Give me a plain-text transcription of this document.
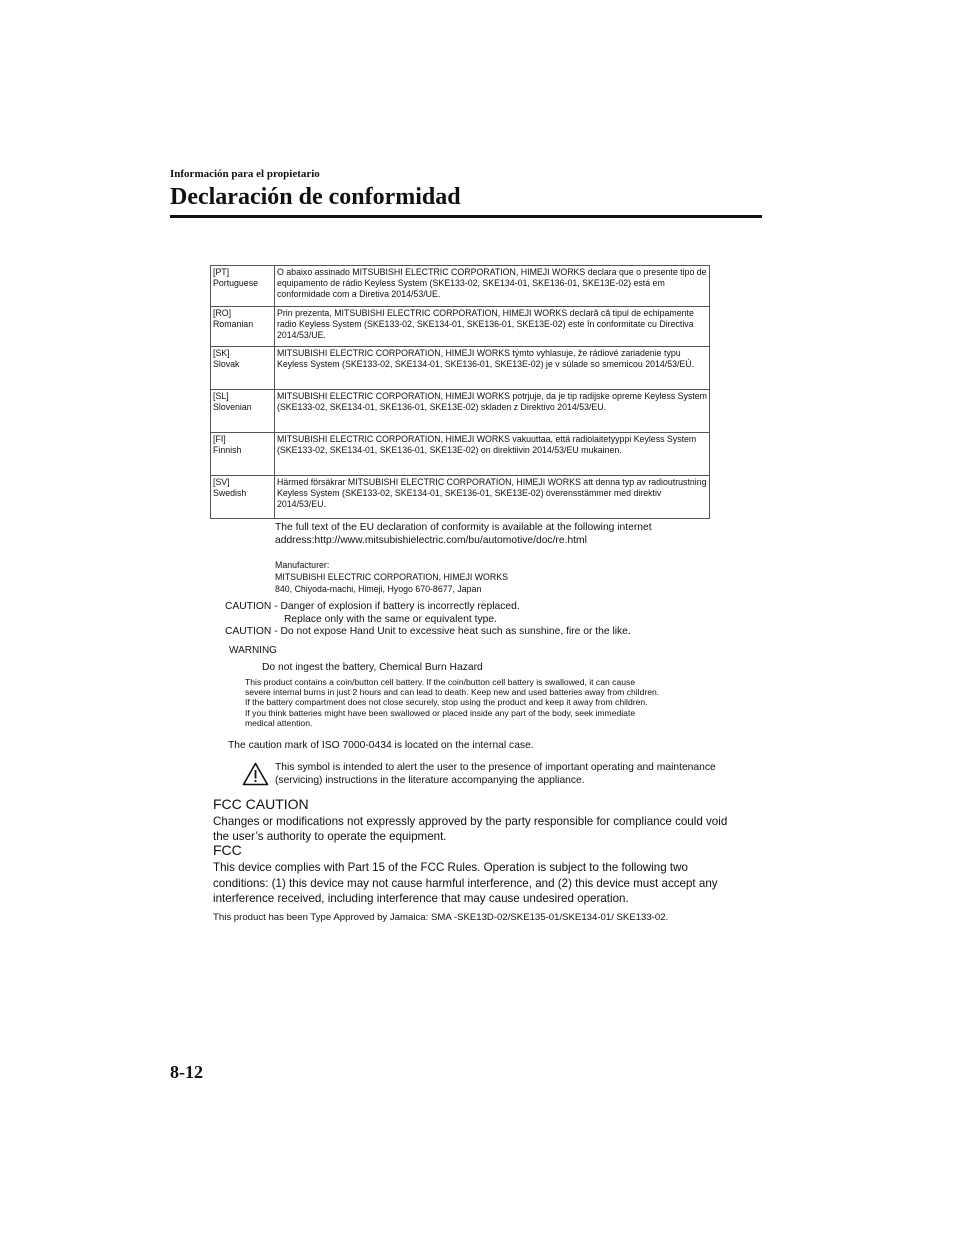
Información para el propietario
Declaración de conformidad
[PT]
Portuguese	O abaixo assinado MITSUBISHI ELECTRIC CORPORATION, HIMEJI WORKS declara que o presente tipo de equipamento de rádio Keyless System (SKE133-02, SKE134-01, SKE136-01, SKE13E-02) está em conformidade com a Diretiva 2014/53/UE.

[RO]
Romanian	Prin prezenta, MITSUBISHI ELECTRIC CORPORATION, HIMEJI WORKS declară că tipul de echipamente radio Keyless System (SKE133-02, SKE134-01, SKE136-01, SKE13E-02) este în conformitate cu Directiva 2014/53/UE.

[SK]
Slovak	MITSUBISHI ELECTRIC CORPORATION, HIMEJI WORKS týmto vyhlasuje, že rádiové zariadenie typu Keyless System (SKE133-02, SKE134-01, SKE136-01, SKE13E-02) je v súlade so smernicou 2014/53/EÚ.

[SL]
Slovenian	MITSUBISHI ELECTRIC CORPORATION, HIMEJI WORKS potrjuje, da je tip radijske opreme Keyless System (SKE133-02, SKE134-01, SKE136-01, SKE13E-02) skladen z Direktivo 2014/53/EU.

[FI]
Finnish	MITSUBISHI ELECTRIC CORPORATION, HIMEJI WORKS vakuuttaa, että radiolaitetyyppi Keyless System (SKE133-02, SKE134-01, SKE136-01, SKE13E-02) on direktiivin 2014/53/EU mukainen.

[SV]
Swedish	Härmed försäkrar MITSUBISHI ELECTRIC CORPORATION, HIMEJI WORKS att denna typ av radioutrustning Keyless System (SKE133-02, SKE134-01, SKE136-01, SKE13E-02) överensstämmer med direktiv 2014/53/EU.
The full text of the EU declaration of conformity is available at the following internet address:http://www.mitsubishielectric.com/bu/automotive/doc/re.html
Manufacturer:
MITSUBISHI ELECTRIC CORPORATION, HIMEJI WORKS
840, Chiyoda-machi, Himeji, Hyogo 670-8677, Japan
CAUTION - Danger of explosion if battery is incorrectly replaced.
Replace only with the same or equivalent type.
CAUTION - Do not expose Hand Unit to excessive heat such as sunshine, fire or the like.
WARNING
Do not ingest the battery, Chemical Burn Hazard
This product contains a coin/button cell battery. If the coin/button cell battery is swallowed, it can cause
severe internal burns in just 2 hours and can lead to death. Keep new and used batteries away from children.
If the battery compartment does not close securely, stop using the product and keep it away from children.
If you think batteries might have been swallowed or placed inside any part of the body, seek immediate
medical attention.
The caution mark of ISO 7000-0434 is located on the internal case.
This symbol is intended to alert the user to the presence of important operating and maintenance (servicing) instructions in the literature accompanying the appliance.
FCC CAUTION
Changes or modifications not expressly approved by the party responsible for compliance could void the user’s authority to operate the equipment.
FCC
This device complies with Part 15 of the FCC Rules. Operation is subject to the following two conditions: (1) this device may not cause harmful interference, and (2) this device must accept any interference received, including interference that may cause undesired operation.
This product has been Type Approved by Jamaica: SMA -SKE13D-02/SKE135-01/SKE134-01/ SKE133-02.
8-12
